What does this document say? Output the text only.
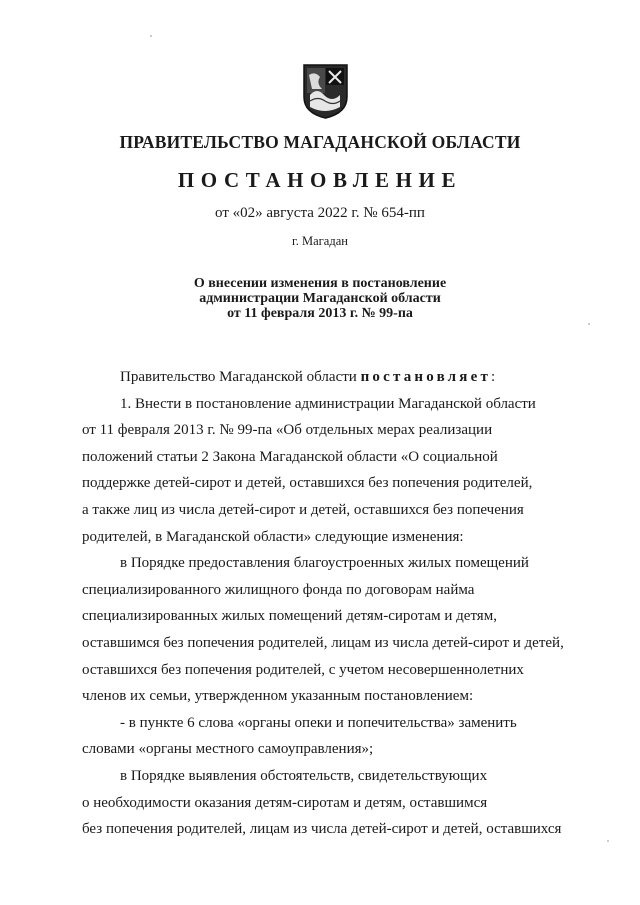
ПРАВИТЕЛЬСТВО МАГАДАНСКОЙ ОБЛАСТИ
ПОСТАНОВЛЕНИЕ
от «02» августа 2022 г. № 654-пп
г. Магадан
О внесении изменения в постановление
администрации Магаданской области
от 11 февраля 2013 г. № 99-па
Правительство Магаданской области постановляет:
1. Внести в постановление администрации Магаданской области
от 11 февраля 2013 г. № 99-па «Об отдельных мерах реализации
положений статьи 2 Закона Магаданской области «О социальной
поддержке детей-сирот и детей, оставшихся без попечения родителей,
а также лиц из числа детей-сирот и детей, оставшихся без попечения
родителей, в Магаданской области» следующие изменения:
в Порядке предоставления благоустроенных жилых помещений
специализированного жилищного фонда по договорам найма
специализированных жилых помещений детям-сиротам и детям,
оставшимся без попечения родителей, лицам из числа детей-сирот и детей,
оставшихся без попечения родителей, с учетом несовершеннолетних
членов их семьи, утвержденном указанным постановлением:
- в пункте 6 слова «органы опеки и попечительства» заменить
словами «органы местного самоуправления»;
в Порядке выявления обстоятельств, свидетельствующих
о необходимости оказания детям-сиротам и детям, оставшимся
без попечения родителей, лицам из числа детей-сирот и детей, оставшихся
